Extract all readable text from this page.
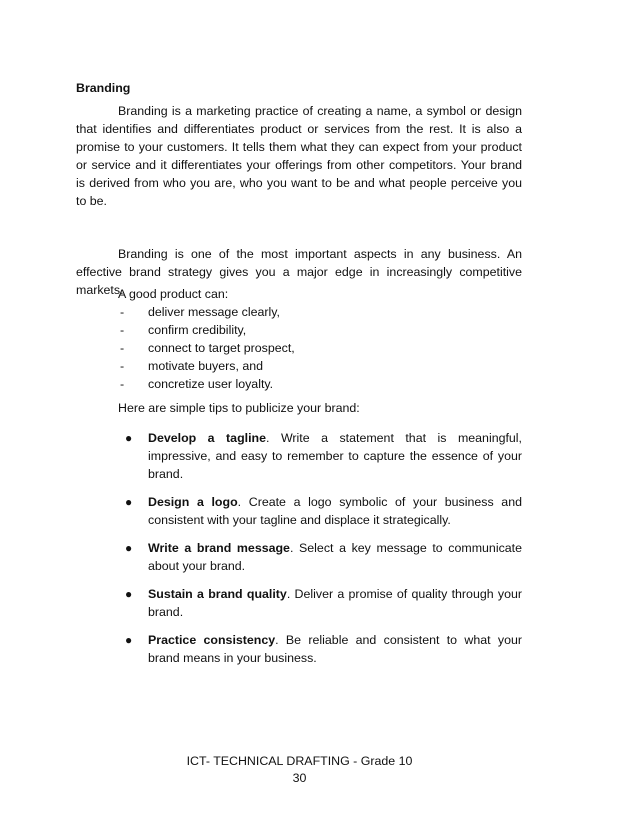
Branding
Branding is a marketing practice of creating a name, a symbol or design that identifies and differentiates product or services from the rest. It is also a promise to your customers. It tells them what they can expect from your product or service and it differentiates your offerings from other competitors. Your brand is derived from who you are, who you want to be and what people perceive you to be.
Branding is one of the most important aspects in any business. An effective brand strategy gives you a major edge in increasingly competitive markets.
A good product can:
- deliver message clearly,
- confirm credibility,
- connect to target prospect,
- motivate buyers, and
- concretize user loyalty.
Here are simple tips to publicize your brand:
● Develop a tagline. Write a statement that is meaningful, impressive, and easy to remember to capture the essence of your brand.
● Design a logo. Create a logo symbolic of your business and consistent with your tagline and displace it strategically.
● Write a brand message. Select a key message to communicate about your brand.
● Sustain a brand quality. Deliver a promise of quality through your brand.
● Practice consistency. Be reliable and consistent to what your brand means in your business.
ICT- TECHNICAL DRAFTING - Grade 10
30
